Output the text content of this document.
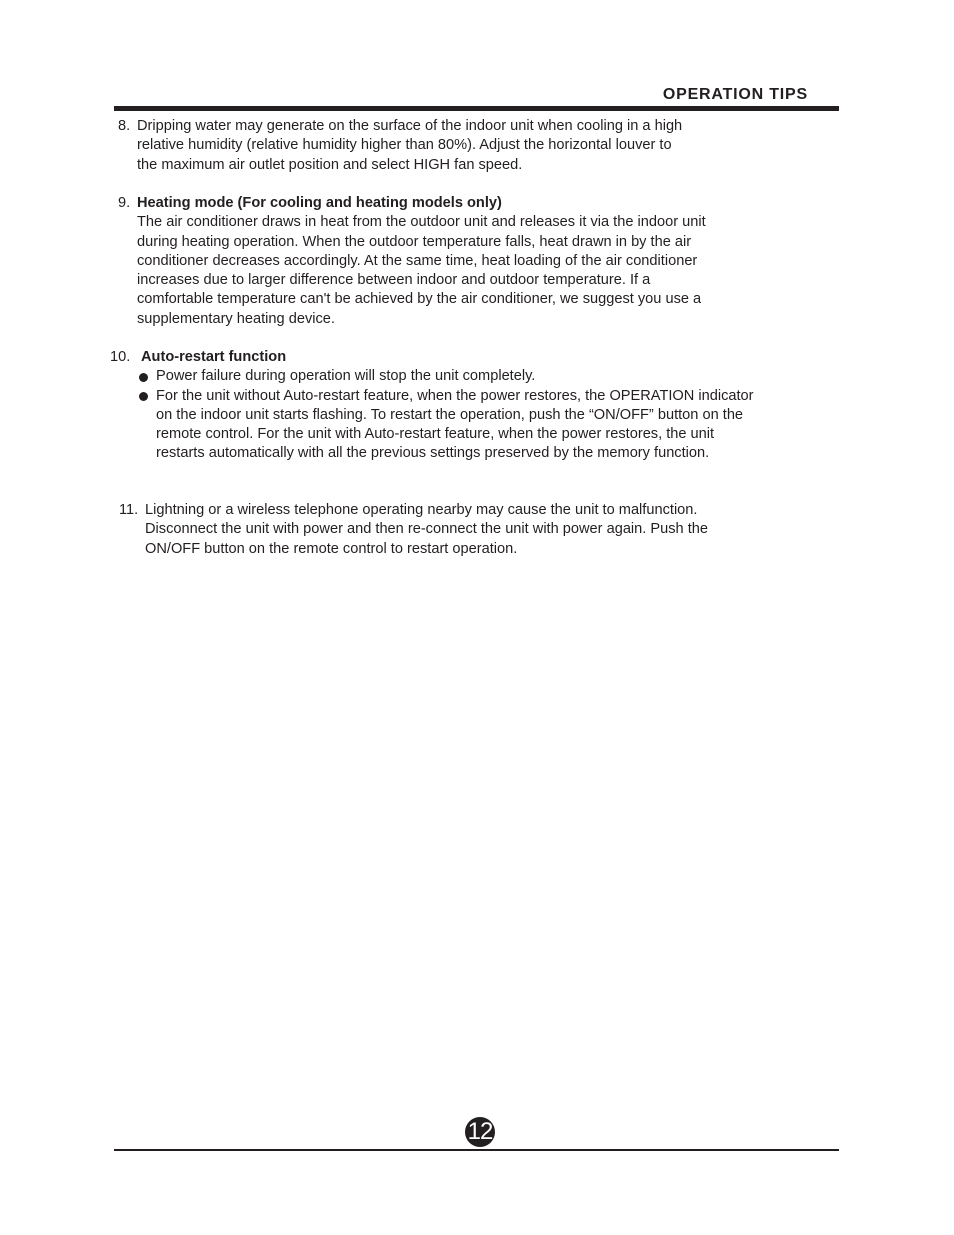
OPERATION TIPS
8. Dripping water may generate on the surface of the indoor unit when cooling in a high
relative humidity (relative humidity higher than 80%). Adjust the horizontal louver to
the maximum air outlet position and select HIGH fan speed.
9. Heating mode (For cooling and heating models only)
The air conditioner draws in heat from the outdoor unit and releases it via the indoor unit
during heating operation. When the outdoor temperature falls, heat drawn in by the air
conditioner decreases accordingly. At the same time, heat loading of the air conditioner
increases due to larger difference between indoor and outdoor temperature. If a
comfortable temperature can't be achieved by the air conditioner, we suggest you use a
supplementary heating device.
10. Auto-restart function
Power failure during operation will stop the unit completely.
For the unit without Auto-restart feature, when the power restores, the OPERATION indicator
on the indoor unit starts flashing. To restart the operation, push the “ON/OFF” button on the
remote control. For the unit with Auto-restart feature, when the power restores, the unit
restarts automatically with all the previous settings preserved by the memory function.
11. Lightning or a wireless telephone operating nearby may cause the unit to malfunction.
Disconnect the unit with power and then re-connect the unit with power again. Push the
ON/OFF button on the remote control to restart operation.
12
